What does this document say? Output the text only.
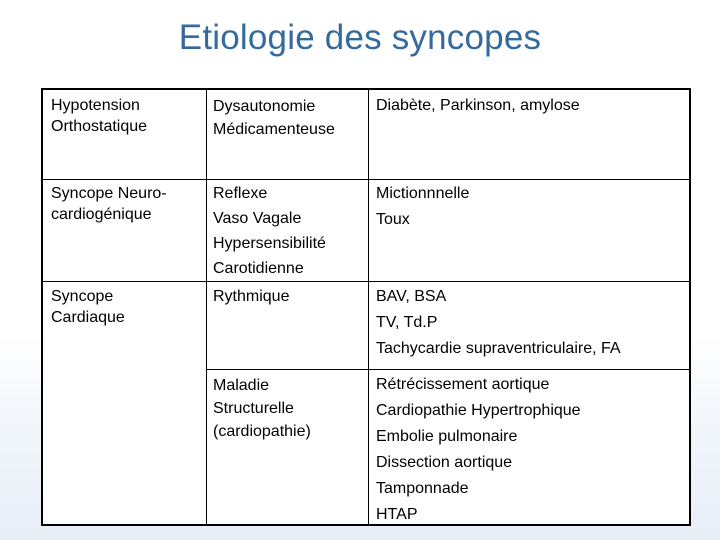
Etiologie des syncopes
Hypotension
Orthostatique
Dysautonomie
Médicamenteuse
Diabète, Parkinson, amylose
Syncope Neuro-
cardiogénique
Reflexe
Vaso Vagale
Hypersensibilité
Carotidienne
Mictionnnelle
Toux
Syncope
Cardiaque
Rythmique	BAV, BSA
TV, Td.P
Tachycardie supraventriculaire, FA
Maladie
Structurelle
(cardiopathie)
Rétrécissement aortique
Cardiopathie Hypertrophique
Embolie pulmonaire
Dissection aortique
Tamponnade
HTAP
